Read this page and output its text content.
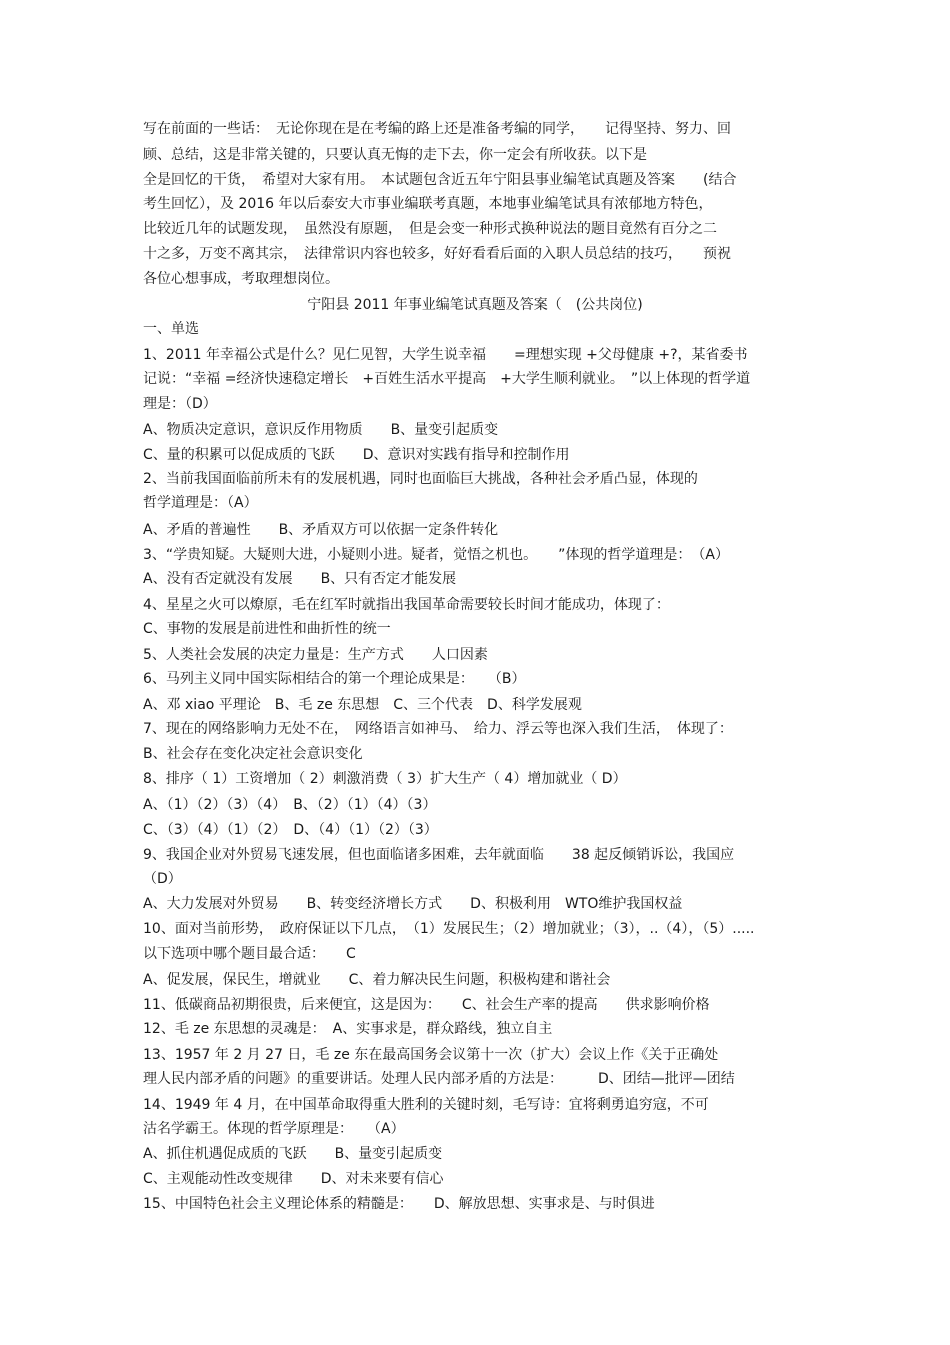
写在前面的一些话：　无论你现在是在考编的路上还是准备考编的同学，　　记得坚持、努力、回
顾、总结，这是非常关键的，只要认真无悔的走下去，你一定会有所收获。以下是
全是回忆的干货，　希望对大家有用。　本试题包含近五年宁阳县事业编笔试真题及答案　　(结合
考生回忆），及 2016 年以后泰安大市事业编联考真题，本地事业编笔试具有浓郁地方特色，
比较近几年的试题发现，　虽然没有原题，　但是会变一种形式换种说法的题目竟然有百分之二
十之多，万变不离其宗，　法律常识内容也较多，好好看看后面的入职人员总结的技巧，　　预祝
各位心想事成，考取理想岗位。
宁阳县 2011 年事业编笔试真题及答案（　(公共岗位)
一、单选
1、2011 年幸福公式是什么？见仁见智，大学生说幸福　　=理想实现 +父母健康 +?，某省委书
记说：“幸福 =经济快速稳定增长　+百姓生活水平提高　+大学生顺利就业。　”以上体现的哲学道
理是：（D）
A、物质决定意识，意识反作用物质　　B、量变引起质变
C、量的积累可以促成质的飞跃　　D、意识对实践有指导和控制作用
2、当前我国面临前所未有的发展机遇，同时也面临巨大挑战，各种社会矛盾凸显，体现的
哲学道理是：（A）
A、矛盾的普遍性　　B、矛盾双方可以依据一定条件转化
3、“学贵知疑。大疑则大进，小疑则小进。疑者，觉悟之机也。　　”体现的哲学道理是：　（A）
A、没有否定就没有发展　　B、只有否定才能发展
4、星星之火可以燎原，毛在红军时就指出我国革命需要较长时间才能成功，体现了：
C、事物的发展是前进性和曲折性的统一
5、人类社会发展的决定力量是：生产方式　　人口因素
6、马列主义同中国实际相结合的第一个理论成果是：　　（B）
A、邓 xiao 平理论　B、毛 ze 东思想　C、三个代表　D、科学发展观
7、现在的网络影响力无处不在，　网络语言如神马、　给力、浮云等也深入我们生活，　体现了：
B、社会存在变化决定社会意识变化
8、排序（ 1）工资增加（ 2）刺激消费（ 3）扩大生产（ 4）增加就业（ D）
A、（1）（2）（3）（4）　B、（2）（1）（4）（3）
C、（3）（4）（1）（2）　D、（4）（1）（2）（3）
9、我国企业对外贸易飞速发展，但也面临诸多困难，去年就面临　　38 起反倾销诉讼，我国应
（D）
A、大力发展对外贸易　　B、转变经济增长方式　　D、积极利用　WTO维护我国权益
10、面对当前形势，　政府保证以下几点，　（1）发展民生；（2）增加就业；（3），..（4），（5）.....
以下选项中哪个题目最合适：　　C
A、促发展，保民生，增就业　　C、着力解决民生问题，积极构建和谐社会
11、低碳商品初期很贵，后来便宜，这是因为：　　C、社会生产率的提高　　供求影响价格
12、毛 ze 东思想的灵魂是：　A、实事求是，群众路线，独立自主
13、1957 年 2 月 27 日，毛 ze 东在最高国务会议第十一次（扩大）会议上作《关于正确处
理人民内部矛盾的问题》的重要讲话。处理人民内部矛盾的方法是：　　　D、团结—批评—团结
14、1949 年 4 月，在中国革命取得重大胜利的关键时刻，毛写诗：宜将剩勇追穷寇，不可
沽名学霸王。体现的哲学原理是：　　（A）
A、抓住机遇促成质的飞跃　　B、量变引起质变
C、主观能动性改变规律　　D、对未来要有信心
15、中国特色社会主义理论体系的精髓是：　　D、解放思想、实事求是、与时俱进
